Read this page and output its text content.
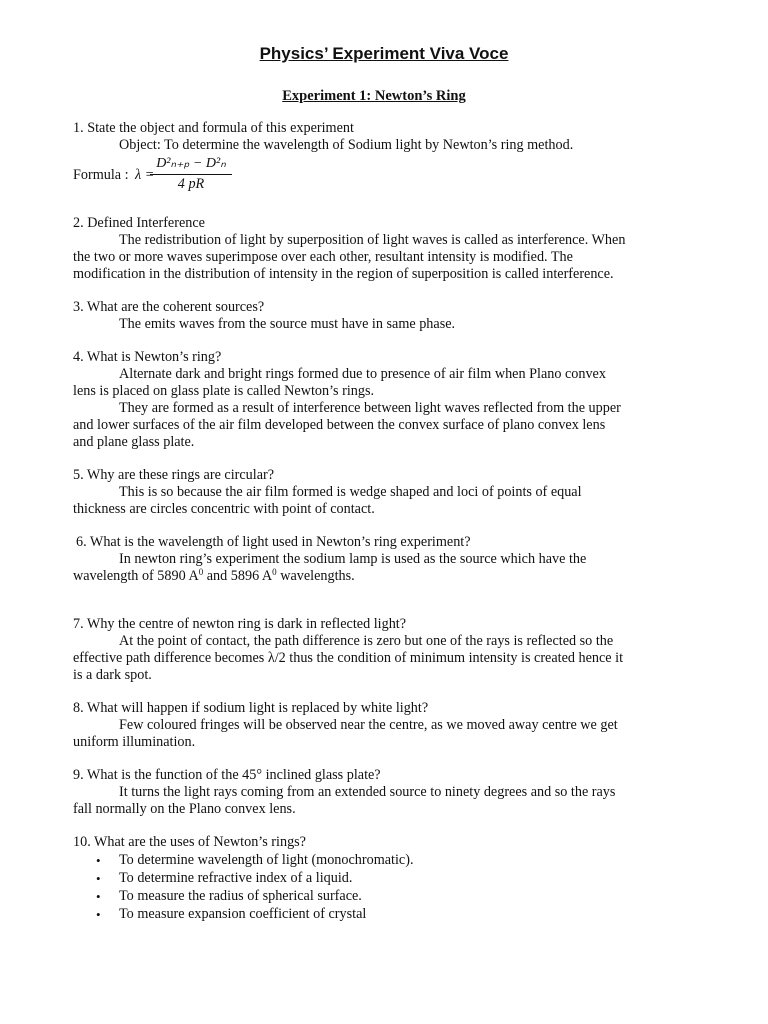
Physics’ Experiment Viva Voce
Experiment 1: Newton’s Ring
1. State the object and formula of this experiment
Object: To determine the wavelength of Sodium light by Newton’s ring method.
Formula : λ =
$\frac{\text{D²ₙ₊ₚ − D²ₙ}}{4 pR}$
2. Defined Interference
The redistribution of light by superposition of light waves is called as interference. When
the two or more waves superimpose over each other, resultant intensity is modified. The
modification in the distribution of intensity in the region of superposition is called interference.
3. What are the coherent sources?
The emits waves from the source must have in same phase.
4. What is Newton’s ring?
Alternate dark and bright rings formed due to presence of air film when Plano convex
lens is placed on glass plate is called Newton’s rings.
They are formed as a result of interference between light waves reflected from the upper
and lower surfaces of the air film developed between the convex surface of plano convex lens
and plane glass plate.
5. Why are these rings are circular?
This is so because the air film formed is wedge shaped and loci of points of equal
thickness are circles concentric with point of contact.
6. What is the wavelength of light used in Newton’s ring experiment?
In newton ring’s experiment the sodium lamp is used as the source which have the
wavelength of 5890 $A^0$ and 5896 $A^0$ wavelengths.
7. Why the centre of newton ring is dark in reflected light?
At the point of contact, the path difference is zero but one of the rays is reflected so the
effective path difference becomes λ/2 thus the condition of minimum intensity is created hence it
is a dark spot.
8. What will happen if sodium light is replaced by white light?
Few coloured fringes will be observed near the centre, as we moved away centre we get
uniform illumination.
9. What is the function of the 45° inclined glass plate?
It turns the light rays coming from an extended source to ninety degrees and so the rays
fall normally on the Plano convex lens.
10. What are the uses of Newton’s rings?
• To determine wavelength of light (monochromatic).
• To determine refractive index of a liquid.
• To measure the radius of spherical surface.
• To measure expansion coefficient of crystal
